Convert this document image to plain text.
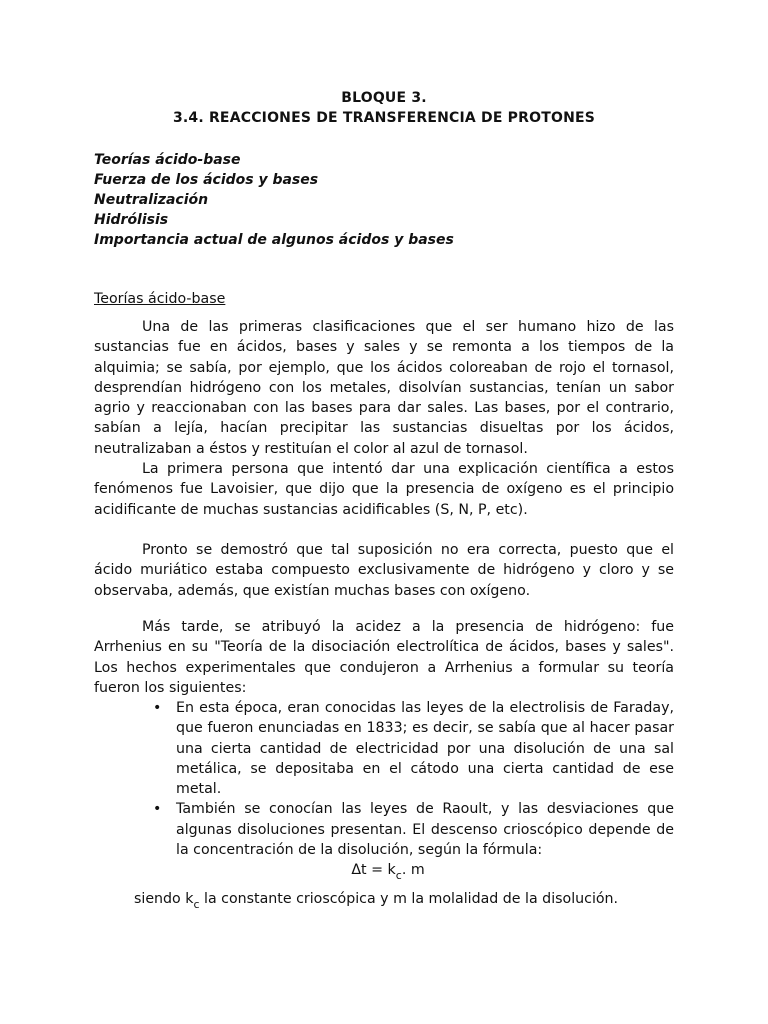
BLOQUE 3.
3.4. REACCIONES DE TRANSFERENCIA DE PROTONES
Teorías ácido-base
Fuerza de los ácidos y bases
Neutralización
Hidrólisis
Importancia actual de algunos ácidos y bases
Teorías ácido-base

Una de las primeras clasificaciones que el ser humano hizo de las sustancias fue en ácidos, bases y sales y se remonta a los tiempos de la alquimia; se sabía, por ejemplo, que los ácidos coloreaban de rojo el tornasol, desprendían hidrógeno con los metales, disolvían sustancias, tenían un sabor agrio y reaccionaban con las bases para dar sales. Las bases, por el contrario, sabían a lejía, hacían precipitar las sustancias disueltas por los ácidos, neutralizaban a éstos y restituían el color al azul de tornasol.

La primera persona que intentó dar una explicación científica a estos fenómenos fue Lavoisier, que dijo que la presencia de oxígeno es el principio acidificante de muchas sustancias acidificables (S, N, P, etc).

Pronto se demostró que tal suposición no era correcta, puesto que el ácido muriático estaba compuesto exclusivamente de hidrógeno y cloro y se observaba, además, que existían muchas bases con oxígeno.

Más tarde, se atribuyó la acidez a la presencia de hidrógeno: fue Arrhenius en su "Teoría de la disociación electrolítica de ácidos, bases y sales". Los hechos experimentales que condujeron a Arrhenius a formular su teoría fueron los siguientes:

• En esta época, eran conocidas las leyes de la electrolisis de Faraday, que fueron enunciadas en 1833; es decir, se sabía que al hacer pasar una cierta cantidad de electricidad por una disolución de una sal metálica, se depositaba en el cátodo una cierta cantidad de ese metal.
• También se conocían las leyes de Raoult, y las desviaciones que algunas disoluciones presentan. El descenso crioscópico depende de la concentración de la disolución, según la fórmula:
$\Delta t = k_c$. m
siendo $k_c$ la constante crioscópica y m la molalidad de la disolución.
